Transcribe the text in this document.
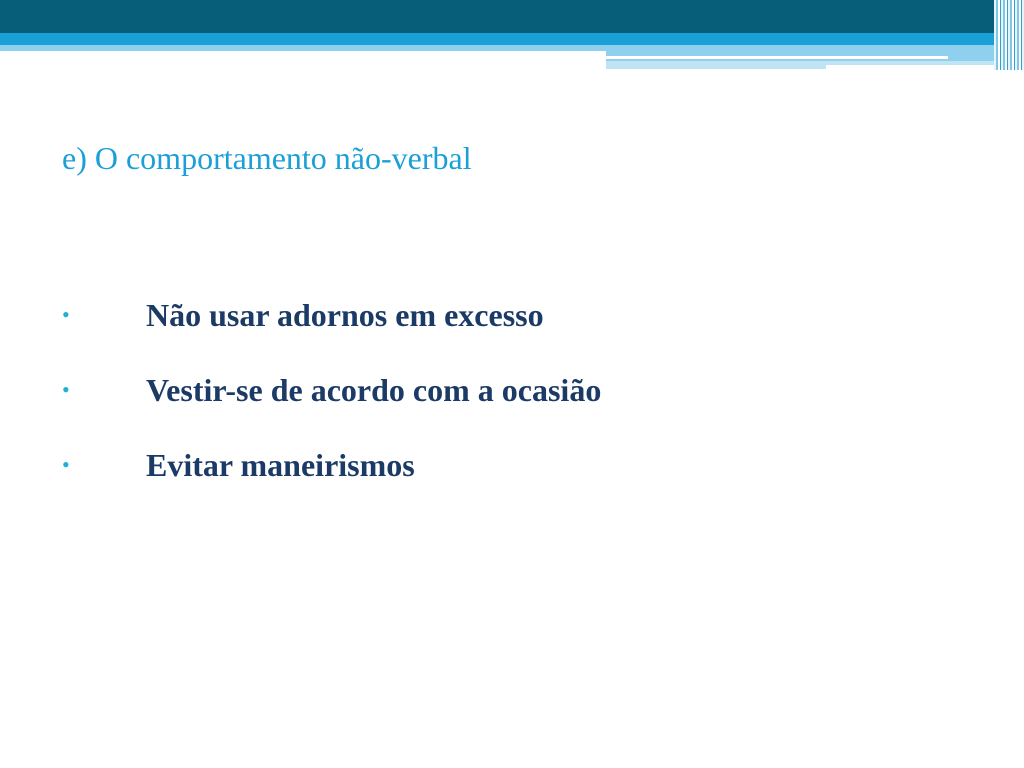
e) O comportamento não-verbal
• Não usar adornos em excesso
• Vestir-se de acordo com a ocasião
• Evitar maneirismos
